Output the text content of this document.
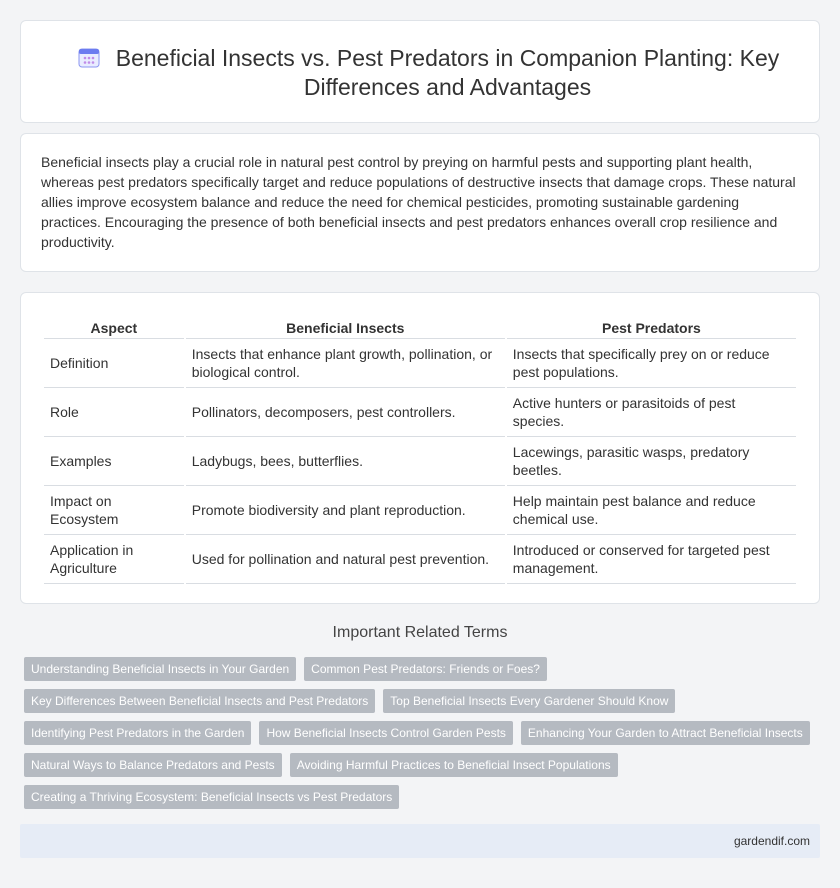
Beneficial Insects vs. Pest Predators in Companion Planting: Key Differences and Advantages

Beneficial insects play a crucial role in natural pest control by preying on harmful pests and supporting plant health, whereas pest predators specifically target and reduce populations of destructive insects that damage crops. These natural allies improve ecosystem balance and reduce the need for chemical pesticides, promoting sustainable gardening practices. Encouraging the presence of both beneficial insects and pest predators enhances overall crop resilience and productivity.

Aspect	Beneficial Insects	Pest Predators
Definition	Insects that enhance plant growth, pollination, or biological control.	Insects that specifically prey on or reduce pest populations.
Role	Pollinators, decomposers, pest controllers.	Active hunters or parasitoids of pest species.
Examples	Ladybugs, bees, butterflies.	Lacewings, parasitic wasps, predatory beetles.
Impact on Ecosystem	Promote biodiversity and plant reproduction.	Help maintain pest balance and reduce chemical use.
Application in Agriculture	Used for pollination and natural pest prevention.	Introduced or conserved for targeted pest management.
Important Related Terms
Understanding Beneficial Insects in Your Garden	Common Pest Predators: Friends or Foes?
Key Differences Between Beneficial Insects and Pest Predators	Top Beneficial Insects Every Gardener Should Know
Identifying Pest Predators in the Garden	How Beneficial Insects Control Garden Pests	Enhancing Your Garden to Attract Beneficial Insects
Natural Ways to Balance Predators and Pests	Avoiding Harmful Practices to Beneficial Insect Populations
Creating a Thriving Ecosystem: Beneficial Insects vs Pest Predators
gardendif.com
